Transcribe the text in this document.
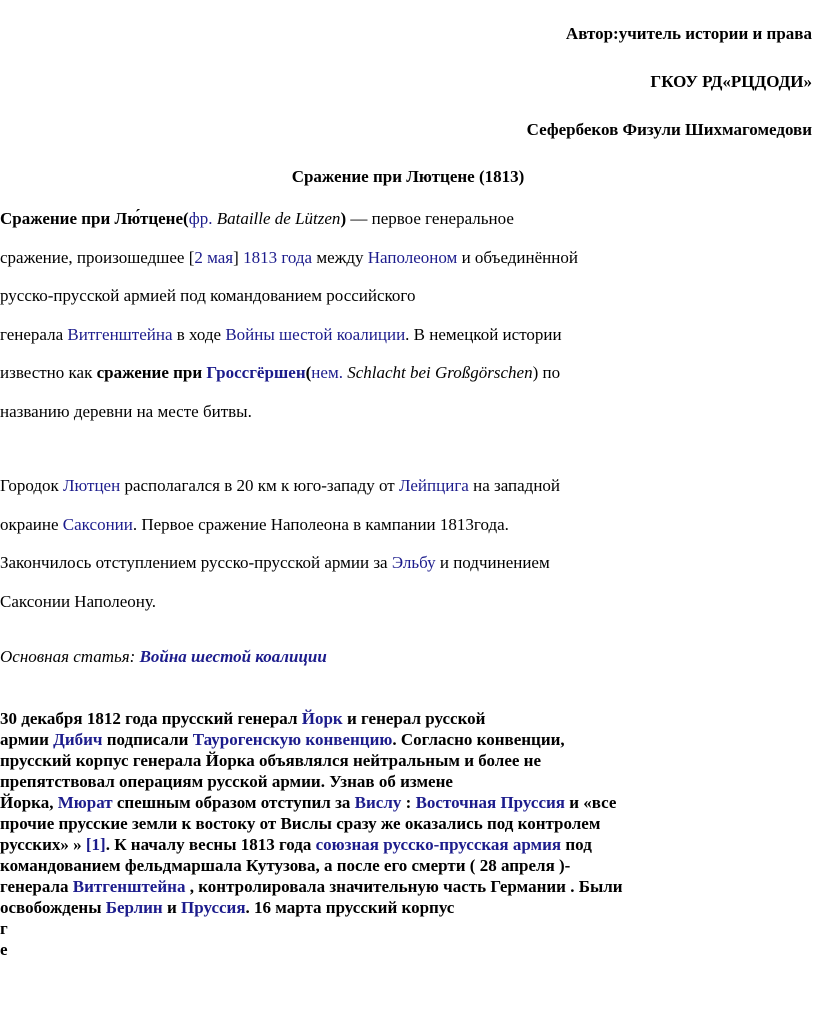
Автор:учитель истории и права
ГКОУ РД«РЦДОДИ»
Сефербеков Физули Шихмагомедови
Сражение при Лютцене (1813)
Сражение при Лю́тцене(фр. Bataille de Lützen) — первое генеральное
сражение, произошедшее [2 мая] 1813 года между Наполеоном и объединённой
русско-прусской армией под командованием российского
генерала Витгенштейна в ходе Войны шестой коалиции. В немецкой истории
известно как сражение при Гроссгёршен(нем. Schlacht bei Großgörschen) по
названию деревни на месте битвы.
Городок Лютцен располагался в 20 км к юго-западу от Лейпцига на западной
окраине Саксонии. Первое сражение Наполеона в кампании 1813года.
Закончилось отступлением русско-прусской армии за Эльбу и подчинением
Саксонии Наполеону.
Основная статья: Война шестой коалиции
30 декабря 1812 года прусский генерал Йорк и генерал русской
армии Дибич подписали Таурогенскую конвенцию. Согласно конвенции,
прусский корпус генерала Йорка объявлялся нейтральным и более не
препятствовал операциям русской армии. Узнав об измене
Йорка, Мюрат спешным образом отступил за Вислу : Восточная Пруссия и «все
прочие прусские земли к востоку от Вислы сразу же оказались под контролем
русских» » [1]. К началу весны 1813 года союзная русско-прусская армия под
командованием фельдмаршала Кутузова, а после его смерти ( 28 апреля )-
генерала Витгенштейна , контролировала значительную часть Германии . Были
освобождены Берлин и Пруссия. 16 марта прусский корпус
г
е
